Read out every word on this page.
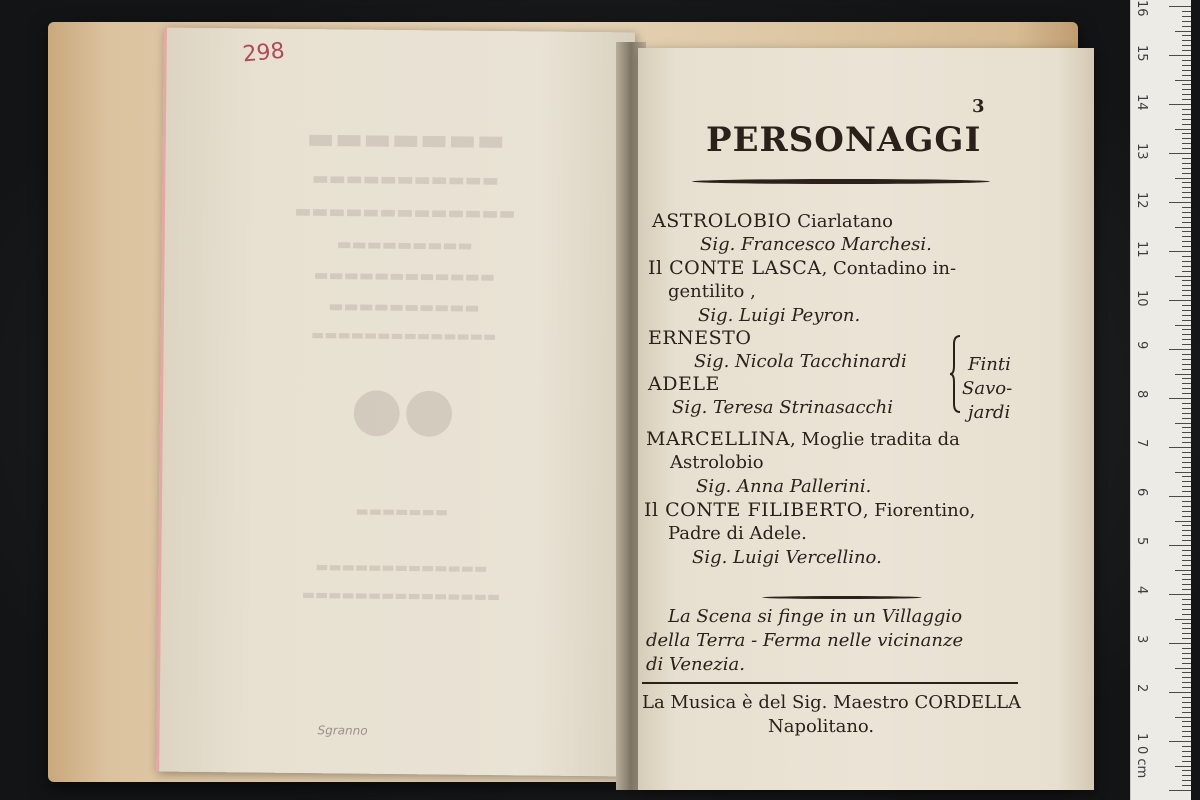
298
▬▬▬▬▬▬▬
▬▬▬▬▬▬▬▬▬▬▬
▬▬▬▬▬▬▬▬▬▬▬▬▬
▬▬▬▬▬▬▬▬▬
▬▬▬▬▬▬▬▬▬▬▬▬
▬▬▬▬▬▬▬▬▬▬
▬▬▬▬▬▬▬▬▬▬▬▬▬▬
●●
▬▬▬▬▬▬▬
▬▬▬▬▬▬▬▬▬▬▬▬▬
▬▬▬▬▬▬▬▬▬▬▬▬▬▬▬
Sgranno
3
PERSONAGGI
ASTROLOBIO Ciarlatano
Sig. Francesco Marchesi.
Il CONTE LASCA, Contadino in-
gentilito ,
Sig. Luigi Peyron.
ERNESTO
Sig. Nicola Tacchinardi
ADELE
Sig. Teresa Strinasacchi
Finti
Savo-
jardi
MARCELLINA, Moglie tradita da
Astrolobio
Sig. Anna Pallerini.
Il CONTE FILIBERTO, Fiorentino,
Padre di Adele.
Sig. Luigi Vercellino.
La Scena si finge in un Villaggio
della Terra - Ferma nelle vicinanze
di Venezia.
La Musica è del Sig. Maestro CORDELLA
Napolitano.
0 cm
1
2
3
4
5
6
7
8
9
10
11
12
13
14
15
16
